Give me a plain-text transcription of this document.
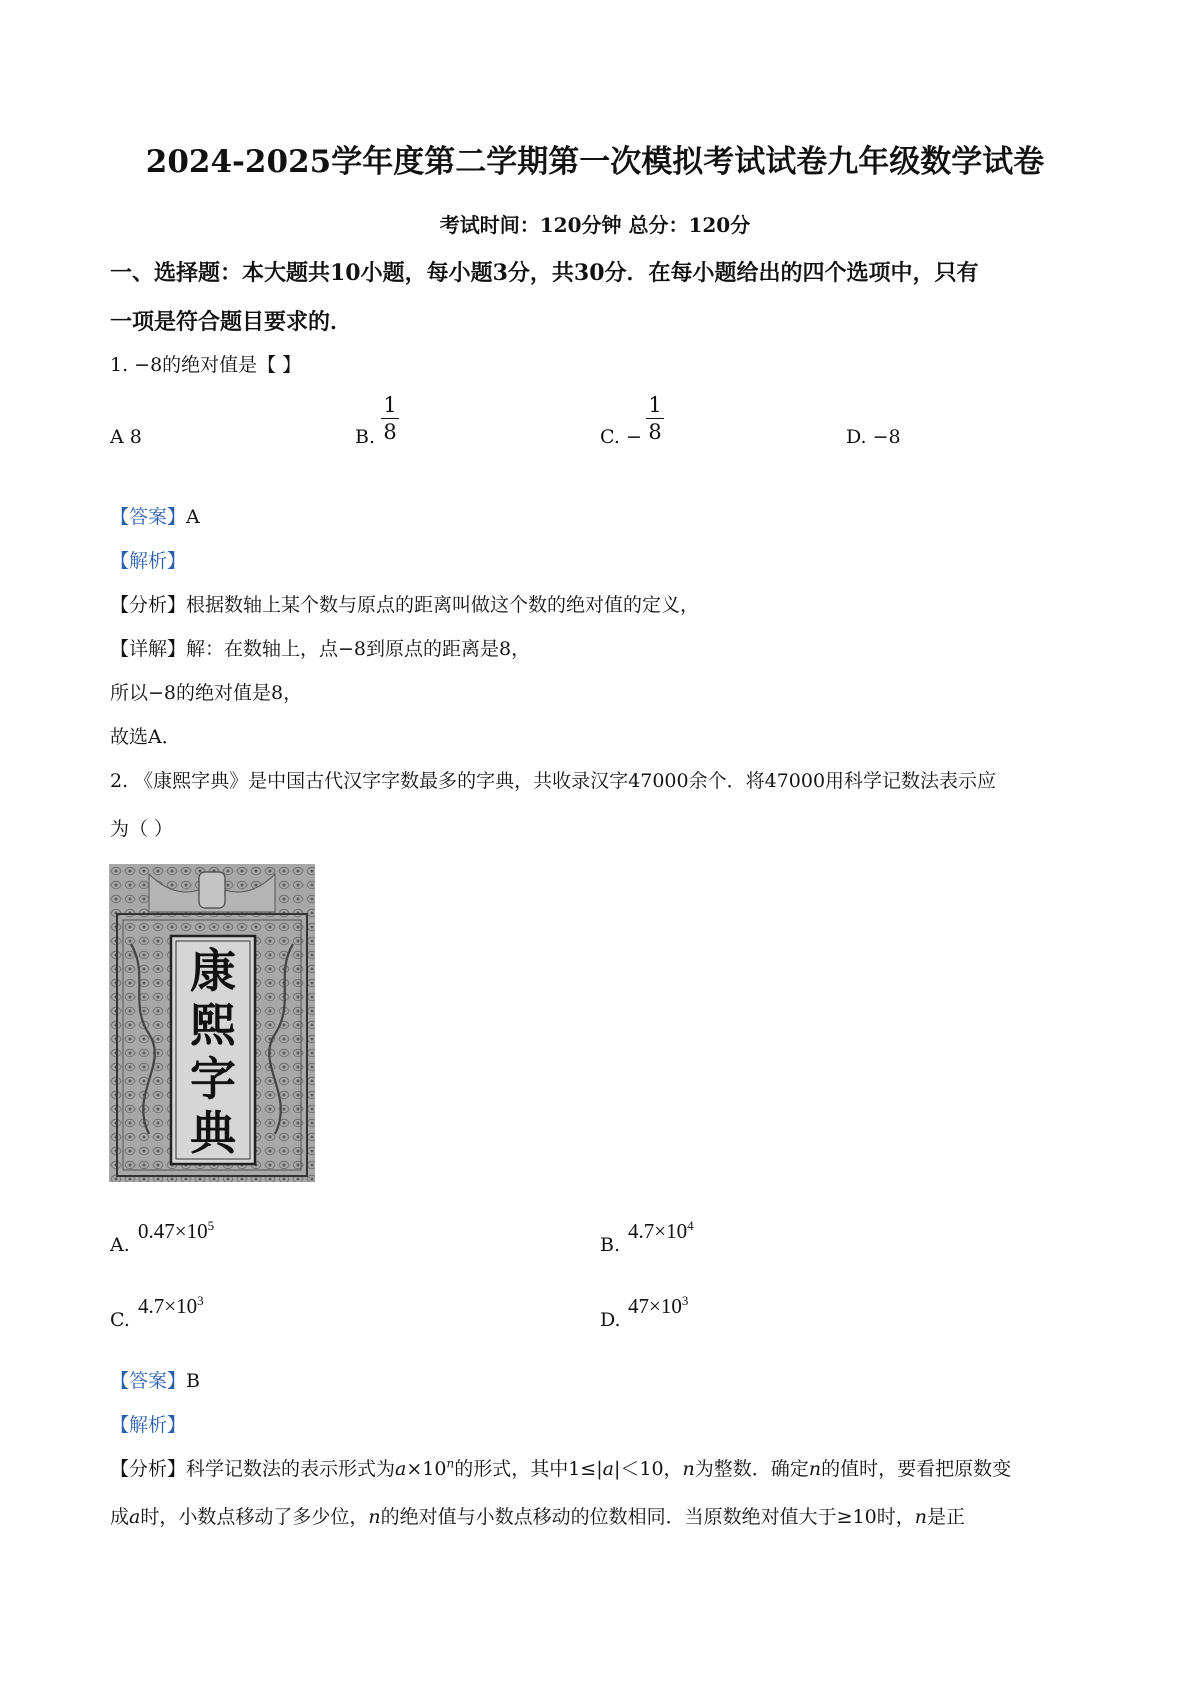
2024-2025学年度第二学期第一次模拟考试试卷九年级数学试卷
考试时间：120分钟 总分：120分
一、选择题：本大题共10小题，每小题3分，共30分．在每小题给出的四个选项中，只有
一项是符合题目要求的．
1. −8的绝对值是【 】
A 8	B.
1
8	C. −
1
8	D. −8
【答案】A
【解析】
【分析】根据数轴上某个数与原点的距离叫做这个数的绝对值的定义，
【详解】解：在数轴上，点−8到原点的距离是8，
所以−8的绝对值是8，
故选A．
2. 《康熙字典》是中国古代汉字字数最多的字典，共收录汉字47000余个．将47000用科学记数法表示应
为（ ）
康熙字典
A.
$0.47\times 10^5$
B.
$4.7\times 10^4$
C.
$4.7\times 10^3$
D.
$47\times 10^3$
【答案】B
【解析】
【分析】科学记数法的表示形式为$a\times 10^n$的形式，其中1≤|a|＜10，n为整数．确定n的值时，要看把原数变
成a时，小数点移动了多少位，n的绝对值与小数点移动的位数相同．当原数绝对值大于≥10时，n是正
